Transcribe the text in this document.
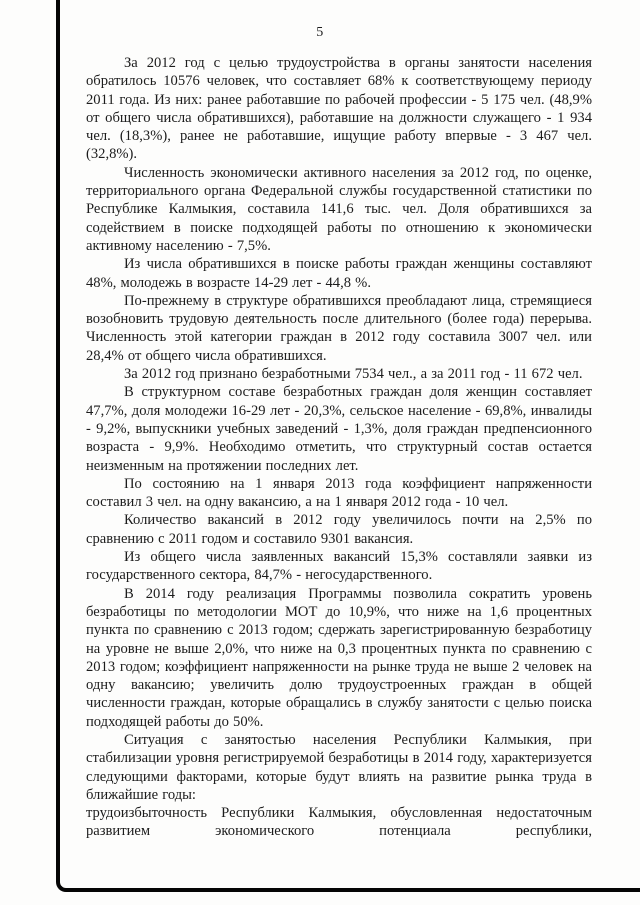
5

За 2012 год с целью трудоустройства в органы занятости населения обратилось 10576 человек, что составляет 68% к соответствующему периоду 2011 года. Из них: ранее работавшие по рабочей профессии - 5 175 чел. (48,9% от общего числа обратившихся), работавшие на должности служащего - 1 934 чел. (18,3%), ранее не работавшие, ищущие работу впервые - 3 467 чел. (32,8%).

Численность экономически активного населения за 2012 год, по оценке, территориального органа Федеральной службы государственной статистики по Республике Калмыкия, составила 141,6 тыс. чел. Доля обратившихся за содействием в поиске подходящей работы по отношению к экономически активному населению - 7,5%.

Из числа обратившихся в поиске работы граждан женщины составляют 48%, молодежь в возрасте 14-29 лет - 44,8 %.

По-прежнему в структуре обратившихся преобладают лица, стремящиеся возобновить трудовую деятельность после длительного (более года) перерыва. Численность этой категории граждан в 2012 году составила 3007 чел. или 28,4% от общего числа обратившихся.

За 2012 год признано безработными 7534 чел., а за 2011 год - 11 672 чел.

В структурном составе безработных граждан доля женщин составляет 47,7%, доля молодежи 16-29 лет - 20,3%, сельское население - 69,8%, инвалиды - 9,2%, выпускники учебных заведений - 1,3%, доля граждан предпенсионного возраста - 9,9%. Необходимо отметить, что структурный состав остается неизменным на протяжении последних лет.

По состоянию на 1 января 2013 года коэффициент напряженности составил 3 чел. на одну вакансию, а на 1 января 2012 года - 10 чел.

Количество вакансий в 2012 году увеличилось почти на 2,5% по сравнению с 2011 годом и составило 9301 вакансия.

Из общего числа заявленных вакансий 15,3% составляли заявки из государственного сектора, 84,7% - негосударственного.

В 2014 году реализация Программы позволила сократить уровень безработицы по методологии МОТ до 10,9%, что ниже на 1,6 процентных пункта по сравнению с 2013 годом; сдержать зарегистрированную безработицу на уровне не выше 2,0%, что ниже на 0,3 процентных пункта по сравнению с 2013 годом; коэффициент напряженности на рынке труда не выше 2 человек на одну вакансию; увеличить долю трудоустроенных граждан в общей численности граждан, которые обращались в службу занятости с целью поиска подходящей работы до 50%.

Ситуация с занятостью населения Республики Калмыкия, при стабилизации уровня регистрируемой безработицы в 2014 году, характеризуется следующими факторами, которые будут влиять на развитие рынка труда в ближайшие годы:

трудоизбыточность Республики Калмыкия, обусловленная недостаточным развитием экономического потенциала республики,
